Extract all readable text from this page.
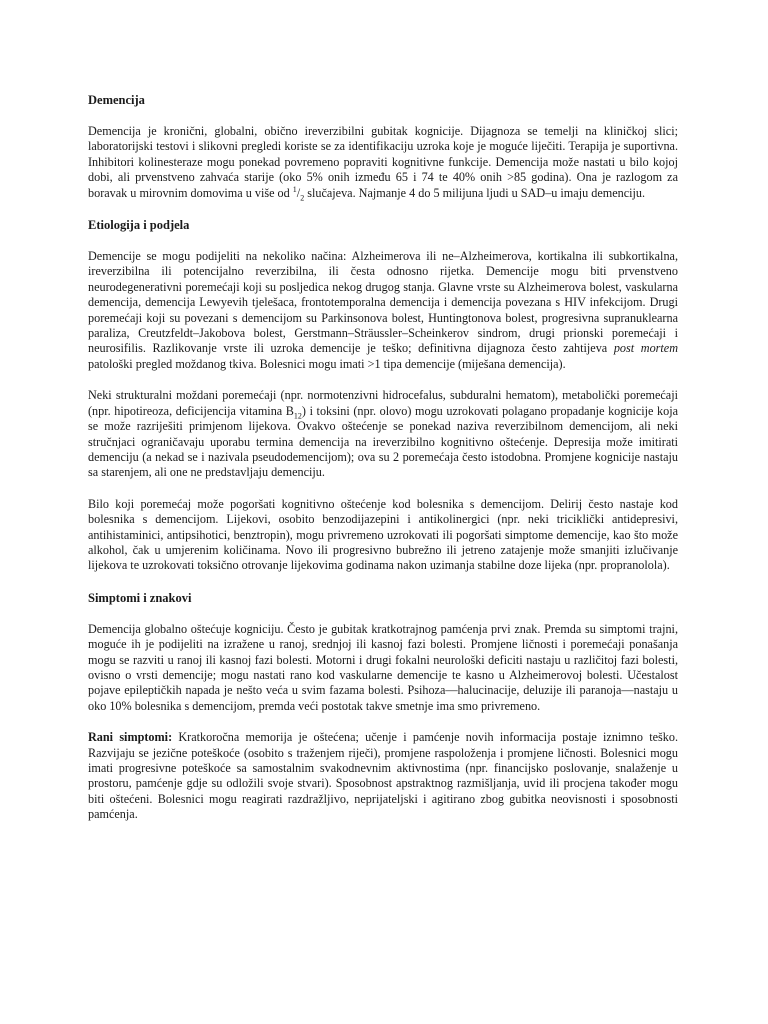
Demencija

Demencija je kronični, globalni, obično ireverzibilni gubitak kognicije. Dijagnoza se temelji na kliničkoj slici; laboratorijski testovi i slikovni pregledi koriste se za identifikaciju uzroka koje je moguće liječiti. Terapija je suportivna. Inhibitori kolinesteraze mogu ponekad povremeno popraviti kognitivne funkcije. Demencija može nastati u bilo kojoj dobi, ali prvenstveno zahvaća starije (oko 5% onih između 65 i 74 te 40% onih >85 godina). Ona je razlogom za boravak u mirovnim domovima u više od $^1/_2$ slučajeva. Najmanje 4 do 5 milijuna ljudi u SAD–u imaju demenciju.

Etiologija i podjela

Demencije se mogu podijeliti na nekoliko načina: Alzheimerova ili ne–Alzheimerova, kortikalna ili subkortikalna, ireverzibilna ili potencijalno reverzibilna, ili česta odnosno rijetka. Demencije mogu biti prvenstveno neurodegenerativni poremećaji koji su posljedica nekog drugog stanja. Glavne vrste su Alzheimerova bolest, vaskularna demencija, demencija Lewyevih tjelešaca, frontotemporalna demencija i demencija povezana s HIV infekcijom. Drugi poremećaji koji su povezani s demencijom su Parkinsonova bolest, Huntingtonova bolest, progresivna supranuklearna paraliza, Creutzfeldt–Jakobova bolest, Gerstmann–Sträussler–Scheinkerov sindrom, drugi prionski poremećaji i neurosifilis. Razlikovanje vrste ili uzroka demencije je teško; definitivna dijagnoza često zahtijeva post mortem patološki pregled moždanog tkiva. Bolesnici mogu imati >1 tipa demencije (miješana demencija).

Neki strukturalni moždani poremećaji (npr. normotenzivni hidrocefalus, subduralni hematom), metabolički poremećaji (npr. hipotireoza, deficijencija vitamina $B_{12}$) i toksini (npr. olovo) mogu uzrokovati polagano propadanje kognicije koja se može razriješiti primjenom lijekova. Ovakvo oštećenje se ponekad naziva reverzibilnom demencijom, ali neki stručnjaci ograničavaju uporabu termina demencija na ireverzibilno kognitivno oštećenje. Depresija može imitirati demenciju (a nekad se i nazivala pseudodemencijom); ova su 2 poremećaja često istodobna. Promjene kognicije nastaju sa starenjem, ali one ne predstavljaju demenciju.

Bilo koji poremećaj može pogoršati kognitivno oštećenje kod bolesnika s demencijom. Delirij često nastaje kod bolesnika s demencijom. Lijekovi, osobito benzodijazepini i antikolinergici (npr. neki triciklički antidepresivi, antihistaminici, antipsihotici, benztropin), mogu privremeno uzrokovati ili pogoršati simptome demencije, kao što može alkohol, čak u umjerenim količinama. Novo ili progresivno bubrežno ili jetreno zatajenje može smanjiti izlučivanje lijekova te uzrokovati toksično otrovanje lijekovima godinama nakon uzimanja stabilne doze lijeka (npr. propranolola).

Simptomi i znakovi

Demencija globalno oštećuje kogniciju. Često je gubitak kratkotrajnog pamćenja prvi znak. Premda su simptomi trajni, moguće ih je podijeliti na izražene u ranoj, srednjoj ili kasnoj fazi bolesti. Promjene ličnosti i poremećaji ponašanja mogu se razviti u ranoj ili kasnoj fazi bolesti. Motorni i drugi fokalni neurološki deficiti nastaju u različitoj fazi bolesti, ovisno o vrsti demencije; mogu nastati rano kod vaskularne demencije te kasno u Alzheimerovoj bolesti. Učestalost pojave epileptičkih napada je nešto veća u svim fazama bolesti. Psihoza—halucinacije, deluzije ili paranoja—nastaju u oko 10% bolesnika s demencijom, premda veći postotak takve smetnje ima smo privremeno.

Rani simptomi: Kratkoročna memorija je oštećena; učenje i pamćenje novih informacija postaje iznimno teško. Razvijaju se jezične poteškoće (osobito s traženjem riječi), promjene raspoloženja i promjene ličnosti. Bolesnici mogu imati progresivne poteškoće sa samostalnim svakodnevnim aktivnostima (npr. financijsko poslovanje, snalaženje u prostoru, pamćenje gdje su odložili svoje stvari). Sposobnost apstraktnog razmišljanja, uvid ili procjena također mogu biti oštećeni. Bolesnici mogu reagirati razdražljivo, neprijateljski i agitirano zbog gubitka neovisnosti i sposobnosti pamćenja.
